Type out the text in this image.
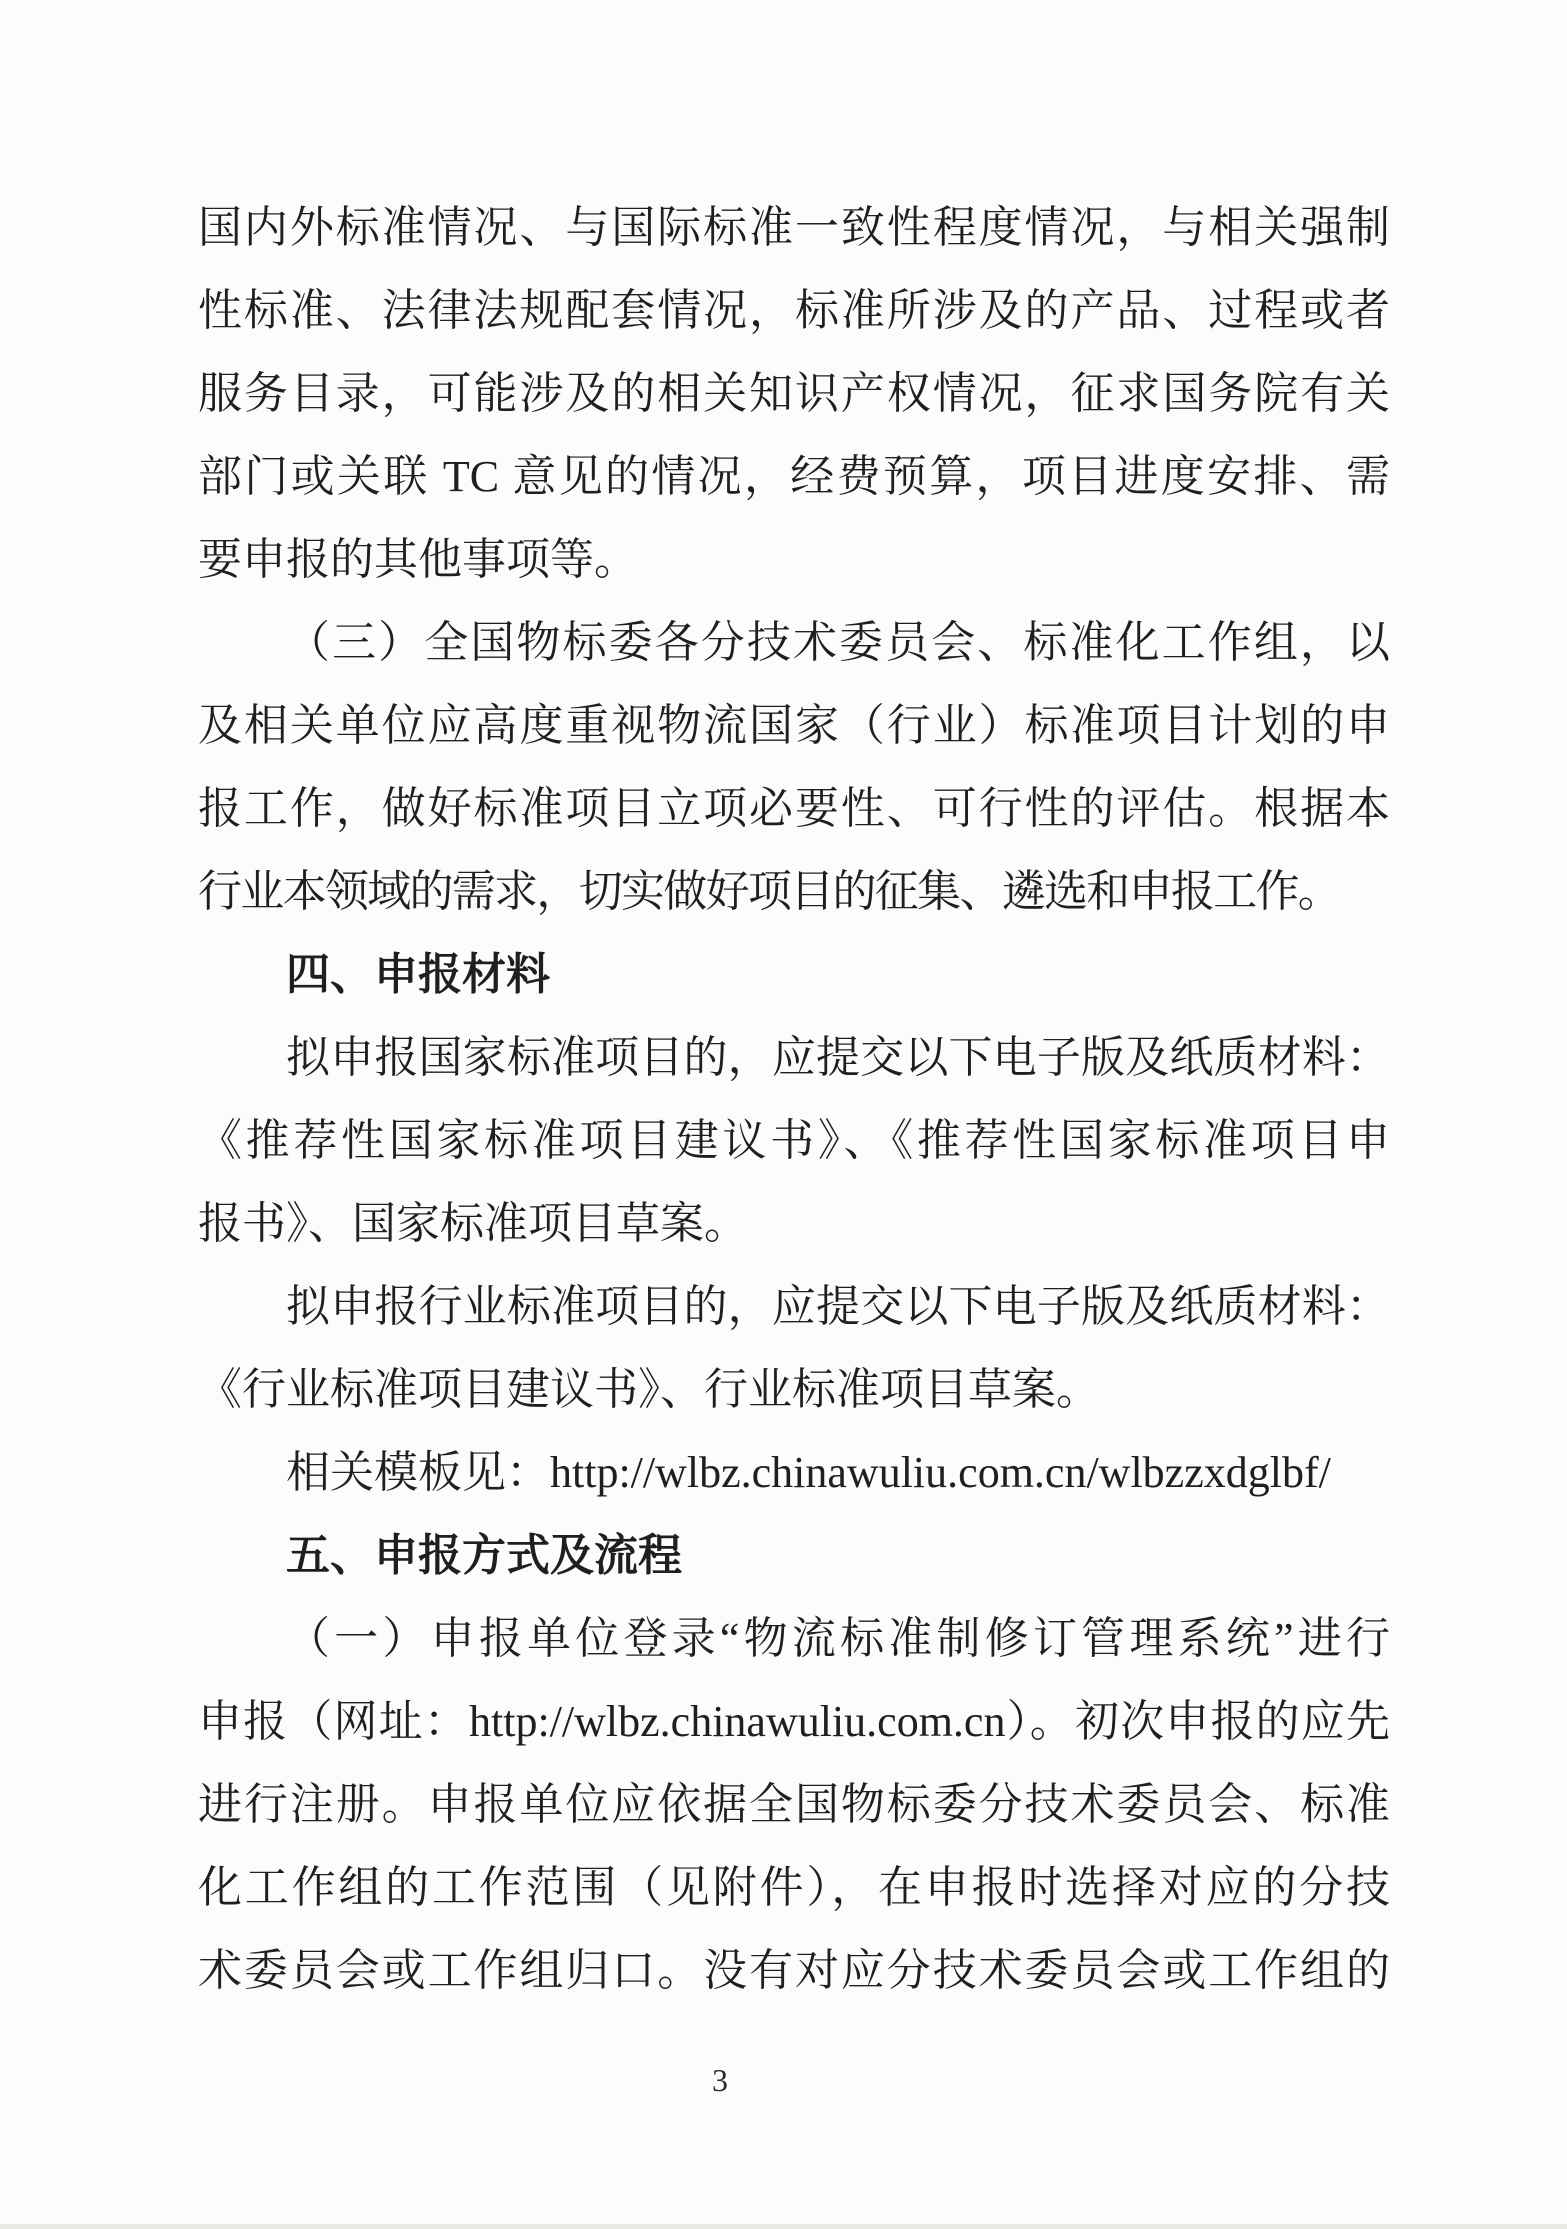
国内外标准情况、与国际标准一致性程度情况，与相关强制
性标准、法律法规配套情况，标准所涉及的产品、过程或者
服务目录，可能涉及的相关知识产权情况，征求国务院有关
部门或关联 TC 意见的情况，经费预算，项目进度安排、需
要申报的其他事项等。
（三）全国物标委各分技术委员会、标准化工作组，以
及相关单位应高度重视物流国家（行业）标准项目计划的申
报工作，做好标准项目立项必要性、可行性的评估。根据本
行业本领域的需求，切实做好项目的征集、遴选和申报工作。
四、申报材料
拟申报国家标准项目的，应提交以下电子版及纸质材料：
《推荐性国家标准项目建议书》、《推荐性国家标准项目申
报书》、国家标准项目草案。
拟申报行业标准项目的，应提交以下电子版及纸质材料：
《行业标准项目建议书》、行业标准项目草案。
相关模板见：http://wlbz.chinawuliu.com.cn/wlbzzxdglbf/
五、申报方式及流程
（一）申报单位登录“物流标准制修订管理系统”进行
申报（网址：http://wlbz.chinawuliu.com.cn）。初次申报的应先
进行注册。申报单位应依据全国物标委分技术委员会、标准
化工作组的工作范围（见附件），在申报时选择对应的分技
术委员会或工作组归口。没有对应分技术委员会或工作组的
3
